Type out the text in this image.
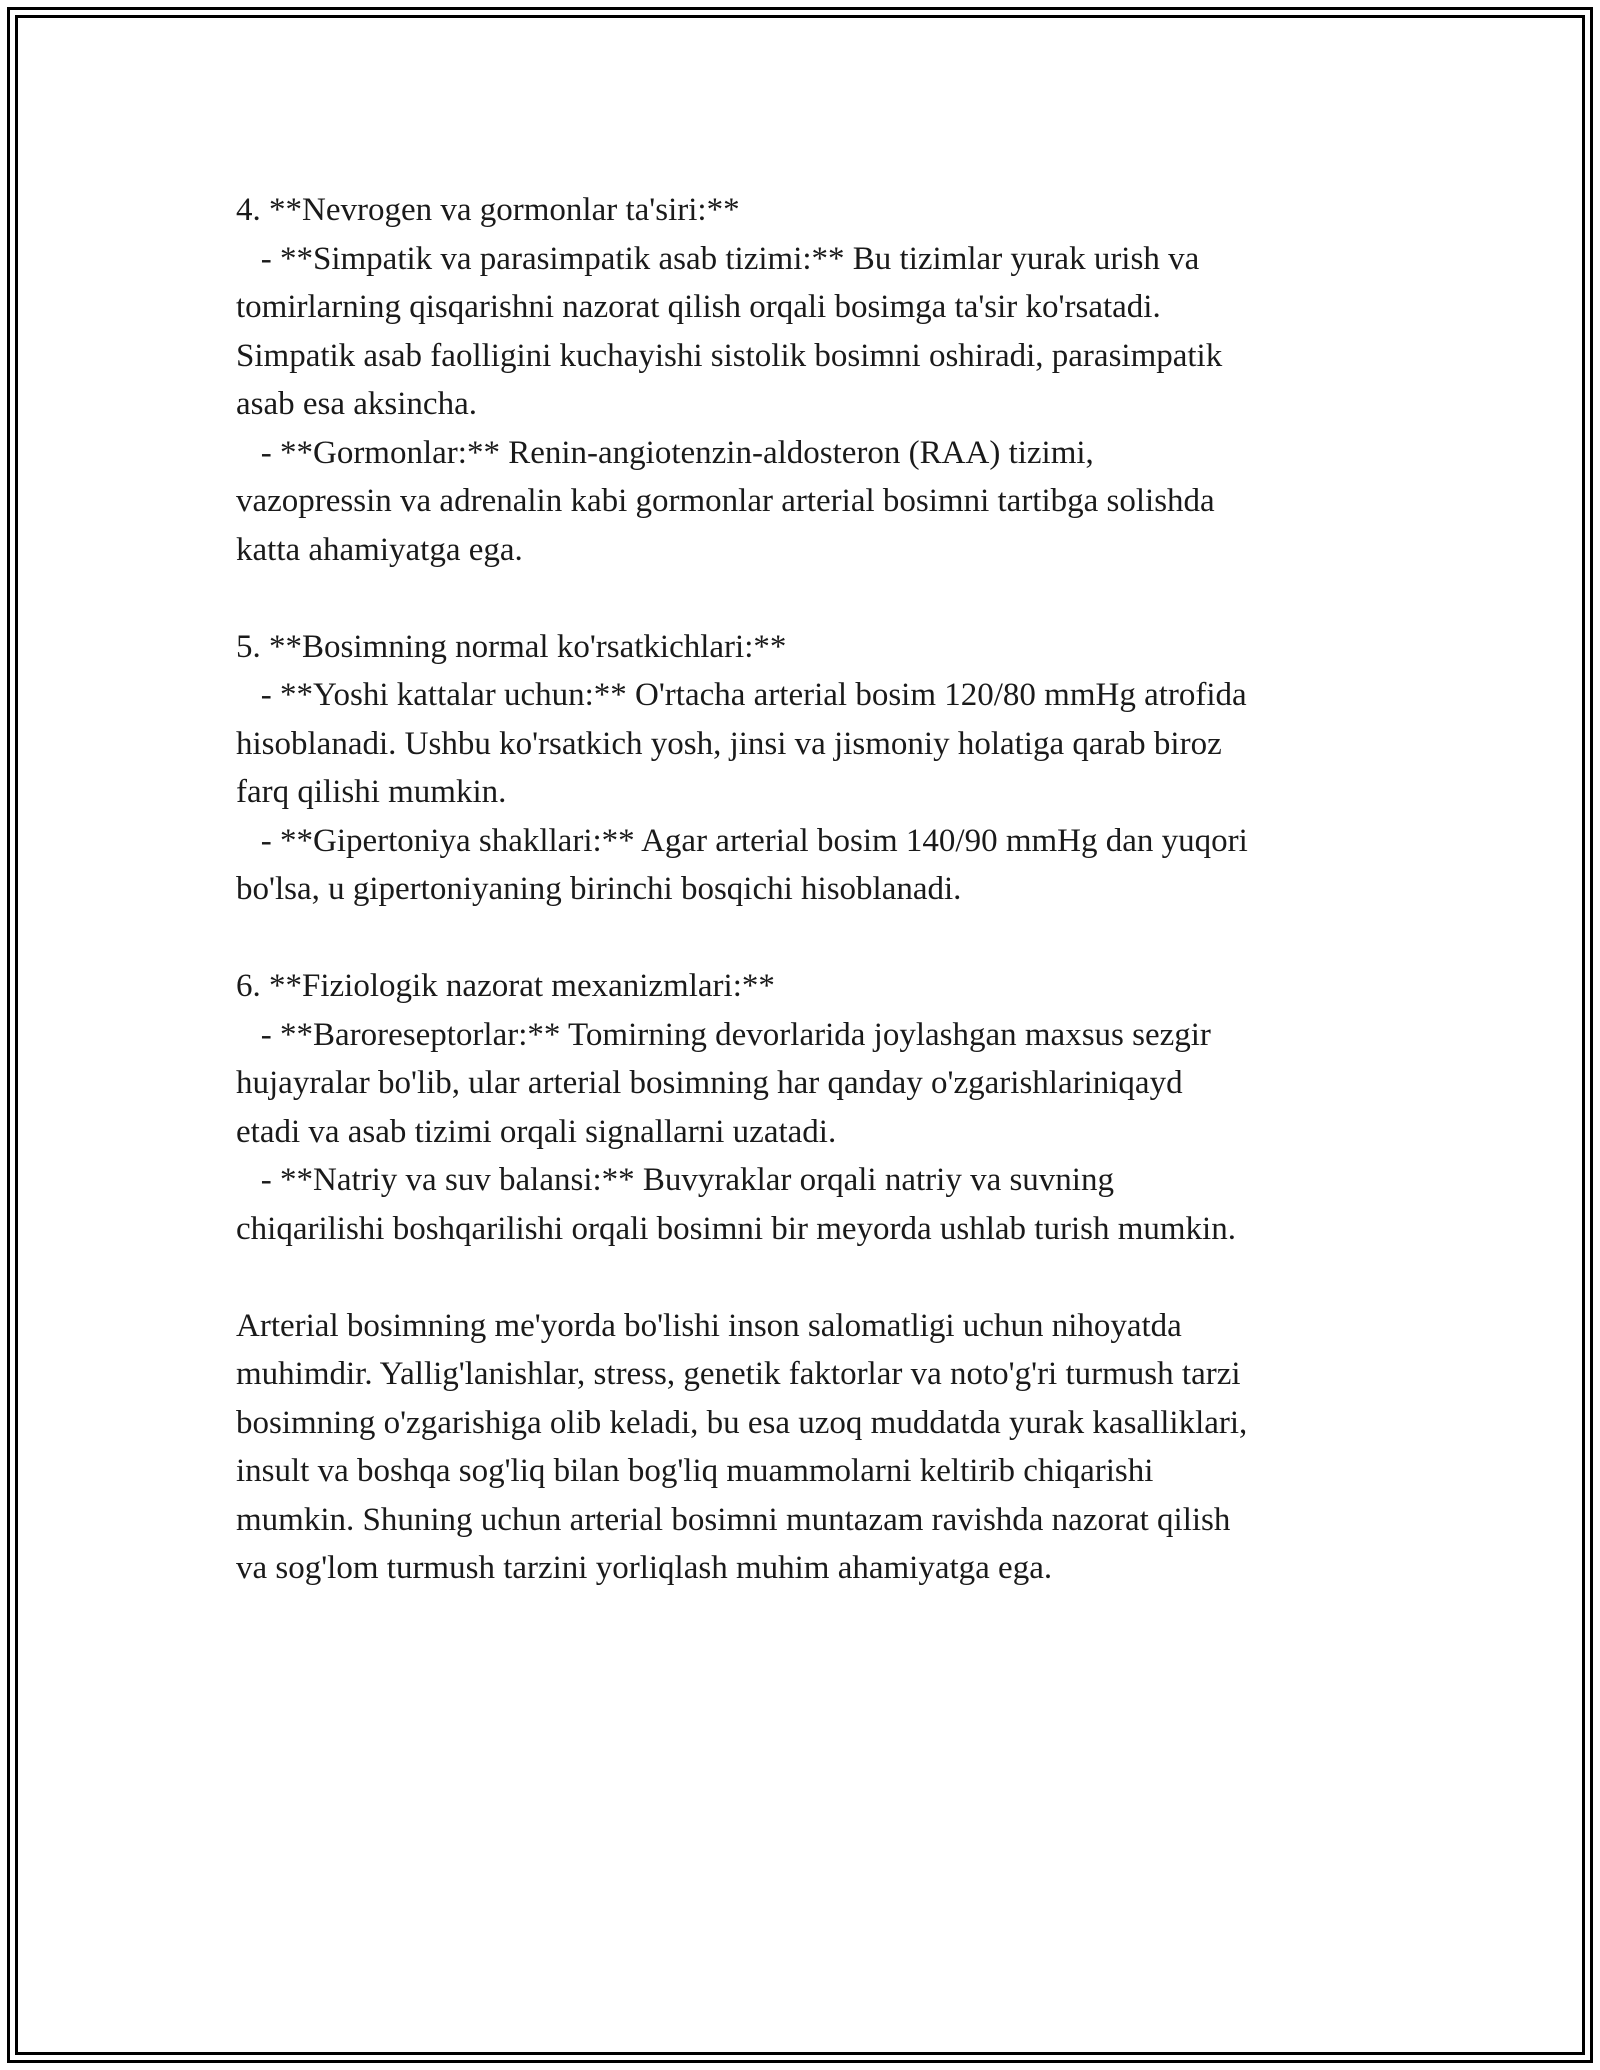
4. **Nevrogen va gormonlar ta'siri:**
- **Simpatik va parasimpatik asab tizimi:** Bu tizimlar yurak urish va
tomirlarning qisqarishni nazorat qilish orqali bosimga ta'sir ko'rsatadi.
Simpatik asab faolligini kuchayishi sistolik bosimni oshiradi, parasimpatik
asab esa aksincha.
- **Gormonlar:** Renin-angiotenzin-aldosteron (RAA) tizimi,
vazopressin va adrenalin kabi gormonlar arterial bosimni tartibga solishda
katta ahamiyatga ega.
5. **Bosimning normal ko'rsatkichlari:**
- **Yoshi kattalar uchun:** O'rtacha arterial bosim 120/80 mmHg atrofida
hisoblanadi. Ushbu ko'rsatkich yosh, jinsi va jismoniy holatiga qarab biroz
farq qilishi mumkin.
- **Gipertoniya shakllari:** Agar arterial bosim 140/90 mmHg dan yuqori
bo'lsa, u gipertoniyaning birinchi bosqichi hisoblanadi.
6. **Fiziologik nazorat mexanizmlari:**
- **Baroreseptorlar:** Tomirning devorlarida joylashgan maxsus sezgir
hujayralar bo'lib, ular arterial bosimning har qanday o'zgarishlariniqayd
etadi va asab tizimi orqali signallarni uzatadi.
- **Natriy va suv balansi:** Buvyraklar orqali natriy va suvning
chiqarilishi boshqarilishi orqali bosimni bir meyorda ushlab turish mumkin.
Arterial bosimning me'yorda bo'lishi inson salomatligi uchun nihoyatda
muhimdir. Yallig'lanishlar, stress, genetik faktorlar va noto'g'ri turmush tarzi
bosimning o'zgarishiga olib keladi, bu esa uzoq muddatda yurak kasalliklari,
insult va boshqa sog'liq bilan bog'liq muammolarni keltirib chiqarishi
mumkin. Shuning uchun arterial bosimni muntazam ravishda nazorat qilish
va sog'lom turmush tarzini yorliqlash muhim ahamiyatga ega.
